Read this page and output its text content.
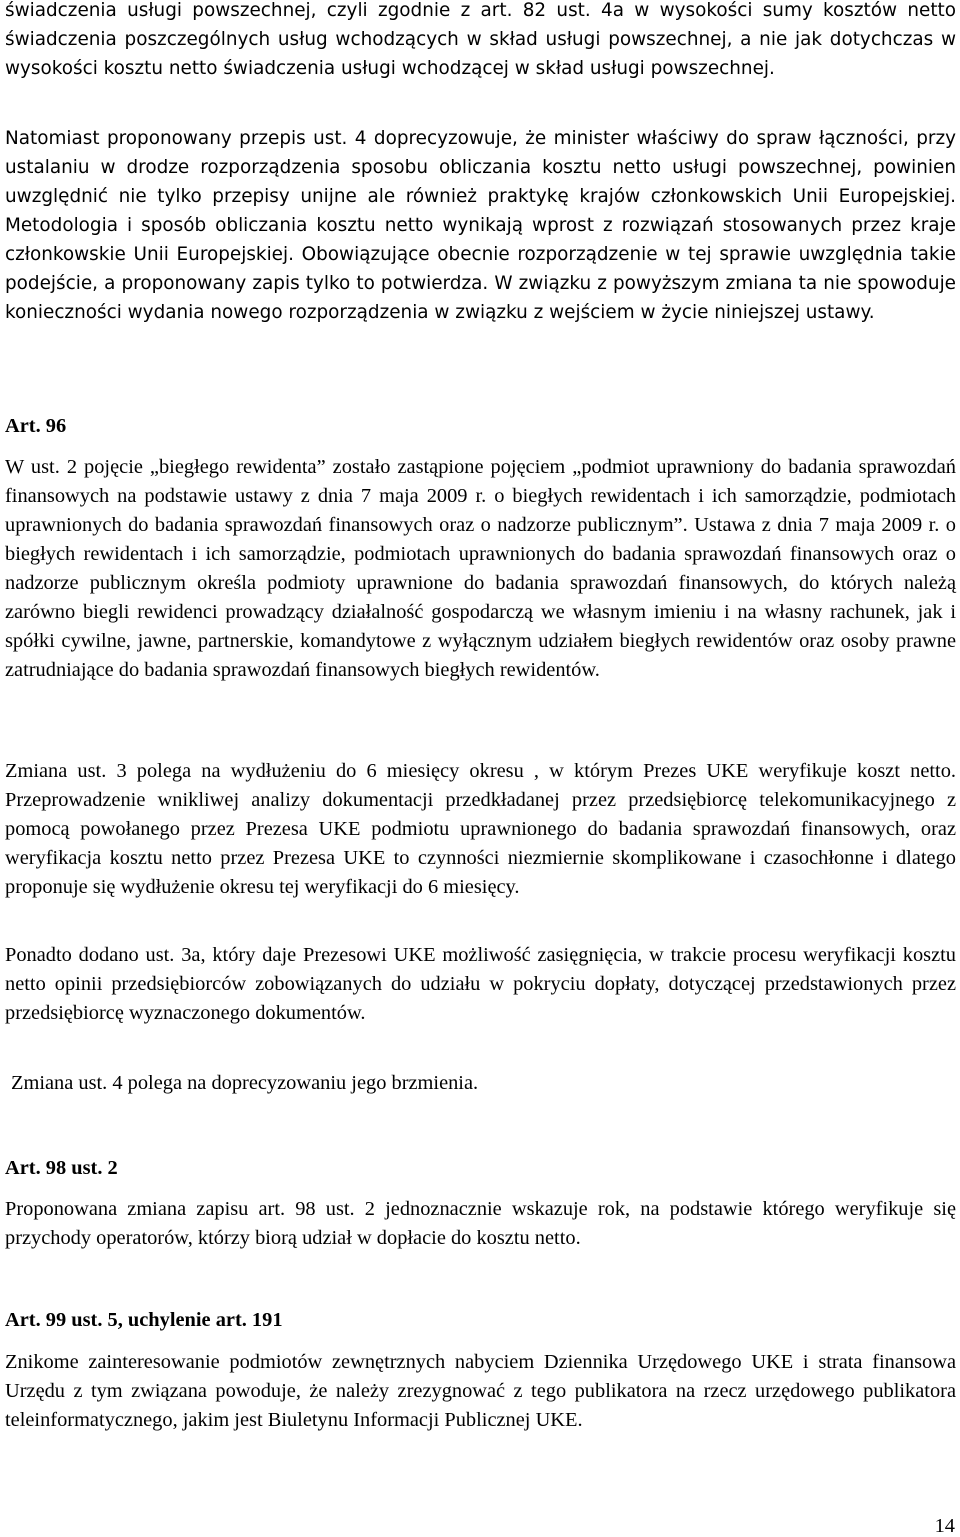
świadczenia usługi powszechnej, czyli zgodnie z art. 82 ust. 4a w wysokości sumy kosztów netto świadczenia poszczególnych usług wchodzących w skład usługi powszechnej, a nie jak dotychczas w wysokości kosztu netto świadczenia usługi wchodzącej w skład usługi powszechnej.

Natomiast proponowany przepis ust. 4 doprecyzowuje, że minister właściwy do spraw łączności, przy ustalaniu w drodze rozporządzenia sposobu obliczania kosztu netto usługi powszechnej, powinien uwzględnić nie tylko przepisy unijne ale również praktykę krajów członkowskich Unii Europejskiej. Metodologia i sposób obliczania kosztu netto wynikają wprost z rozwiązań stosowanych przez kraje członkowskie Unii Europejskiej. Obowiązujące obecnie rozporządzenie w tej sprawie uwzględnia takie podejście, a proponowany zapis tylko to potwierdza. W związku z powyższym zmiana ta nie spowoduje konieczności wydania nowego rozporządzenia w związku z wejściem w życie niniejszej ustawy.

Art. 96

W ust. 2 pojęcie „biegłego rewidenta” zostało zastąpione pojęciem „podmiot uprawniony do badania sprawozdań finansowych na podstawie ustawy z dnia 7 maja 2009 r. o biegłych rewidentach i ich samorządzie, podmiotach uprawnionych do badania sprawozdań finansowych oraz o nadzorze publicznym”. Ustawa z dnia 7 maja 2009 r. o biegłych rewidentach i ich samorządzie, podmiotach uprawnionych do badania sprawozdań finansowych oraz o nadzorze publicznym określa podmioty uprawnione do badania sprawozdań finansowych, do których należą zarówno biegli rewidenci prowadzący działalność gospodarczą we własnym imieniu i na własny rachunek, jak i spółki cywilne, jawne, partnerskie, komandytowe z wyłącznym udziałem biegłych rewidentów oraz osoby prawne zatrudniające do badania sprawozdań finansowych biegłych rewidentów.

Zmiana ust. 3 polega na wydłużeniu do 6 miesięcy okresu , w którym Prezes UKE weryfikuje koszt netto. Przeprowadzenie wnikliwej analizy dokumentacji przedkładanej przez przedsiębiorcę telekomunikacyjnego z pomocą powołanego przez Prezesa UKE podmiotu uprawnionego do badania sprawozdań finansowych, oraz weryfikacja kosztu netto przez Prezesa UKE to czynności niezmiernie skomplikowane i czasochłonne i dlatego proponuje się wydłużenie okresu tej weryfikacji do 6 miesięcy.

Ponadto dodano ust. 3a, który daje Prezesowi UKE możliwość zasięgnięcia, w trakcie procesu weryfikacji kosztu netto opinii przedsiębiorców zobowiązanych do udziału w pokryciu dopłaty, dotyczącej przedstawionych przez przedsiębiorcę wyznaczonego dokumentów.

Zmiana ust. 4 polega na doprecyzowaniu jego brzmienia.

Art. 98 ust. 2

Proponowana zmiana zapisu art. 98 ust. 2 jednoznacznie wskazuje rok, na podstawie którego weryfikuje się przychody operatorów, którzy biorą udział w dopłacie do kosztu netto.

Art. 99 ust. 5, uchylenie art. 191

Znikome zainteresowanie podmiotów zewnętrznych nabyciem Dziennika Urzędowego UKE i strata finansowa Urzędu z tym związana powoduje, że należy zrezygnować z tego publikatora na rzecz urzędowego publikatora teleinformatycznego, jakim jest Biuletynu Informacji Publicznej UKE.

14
